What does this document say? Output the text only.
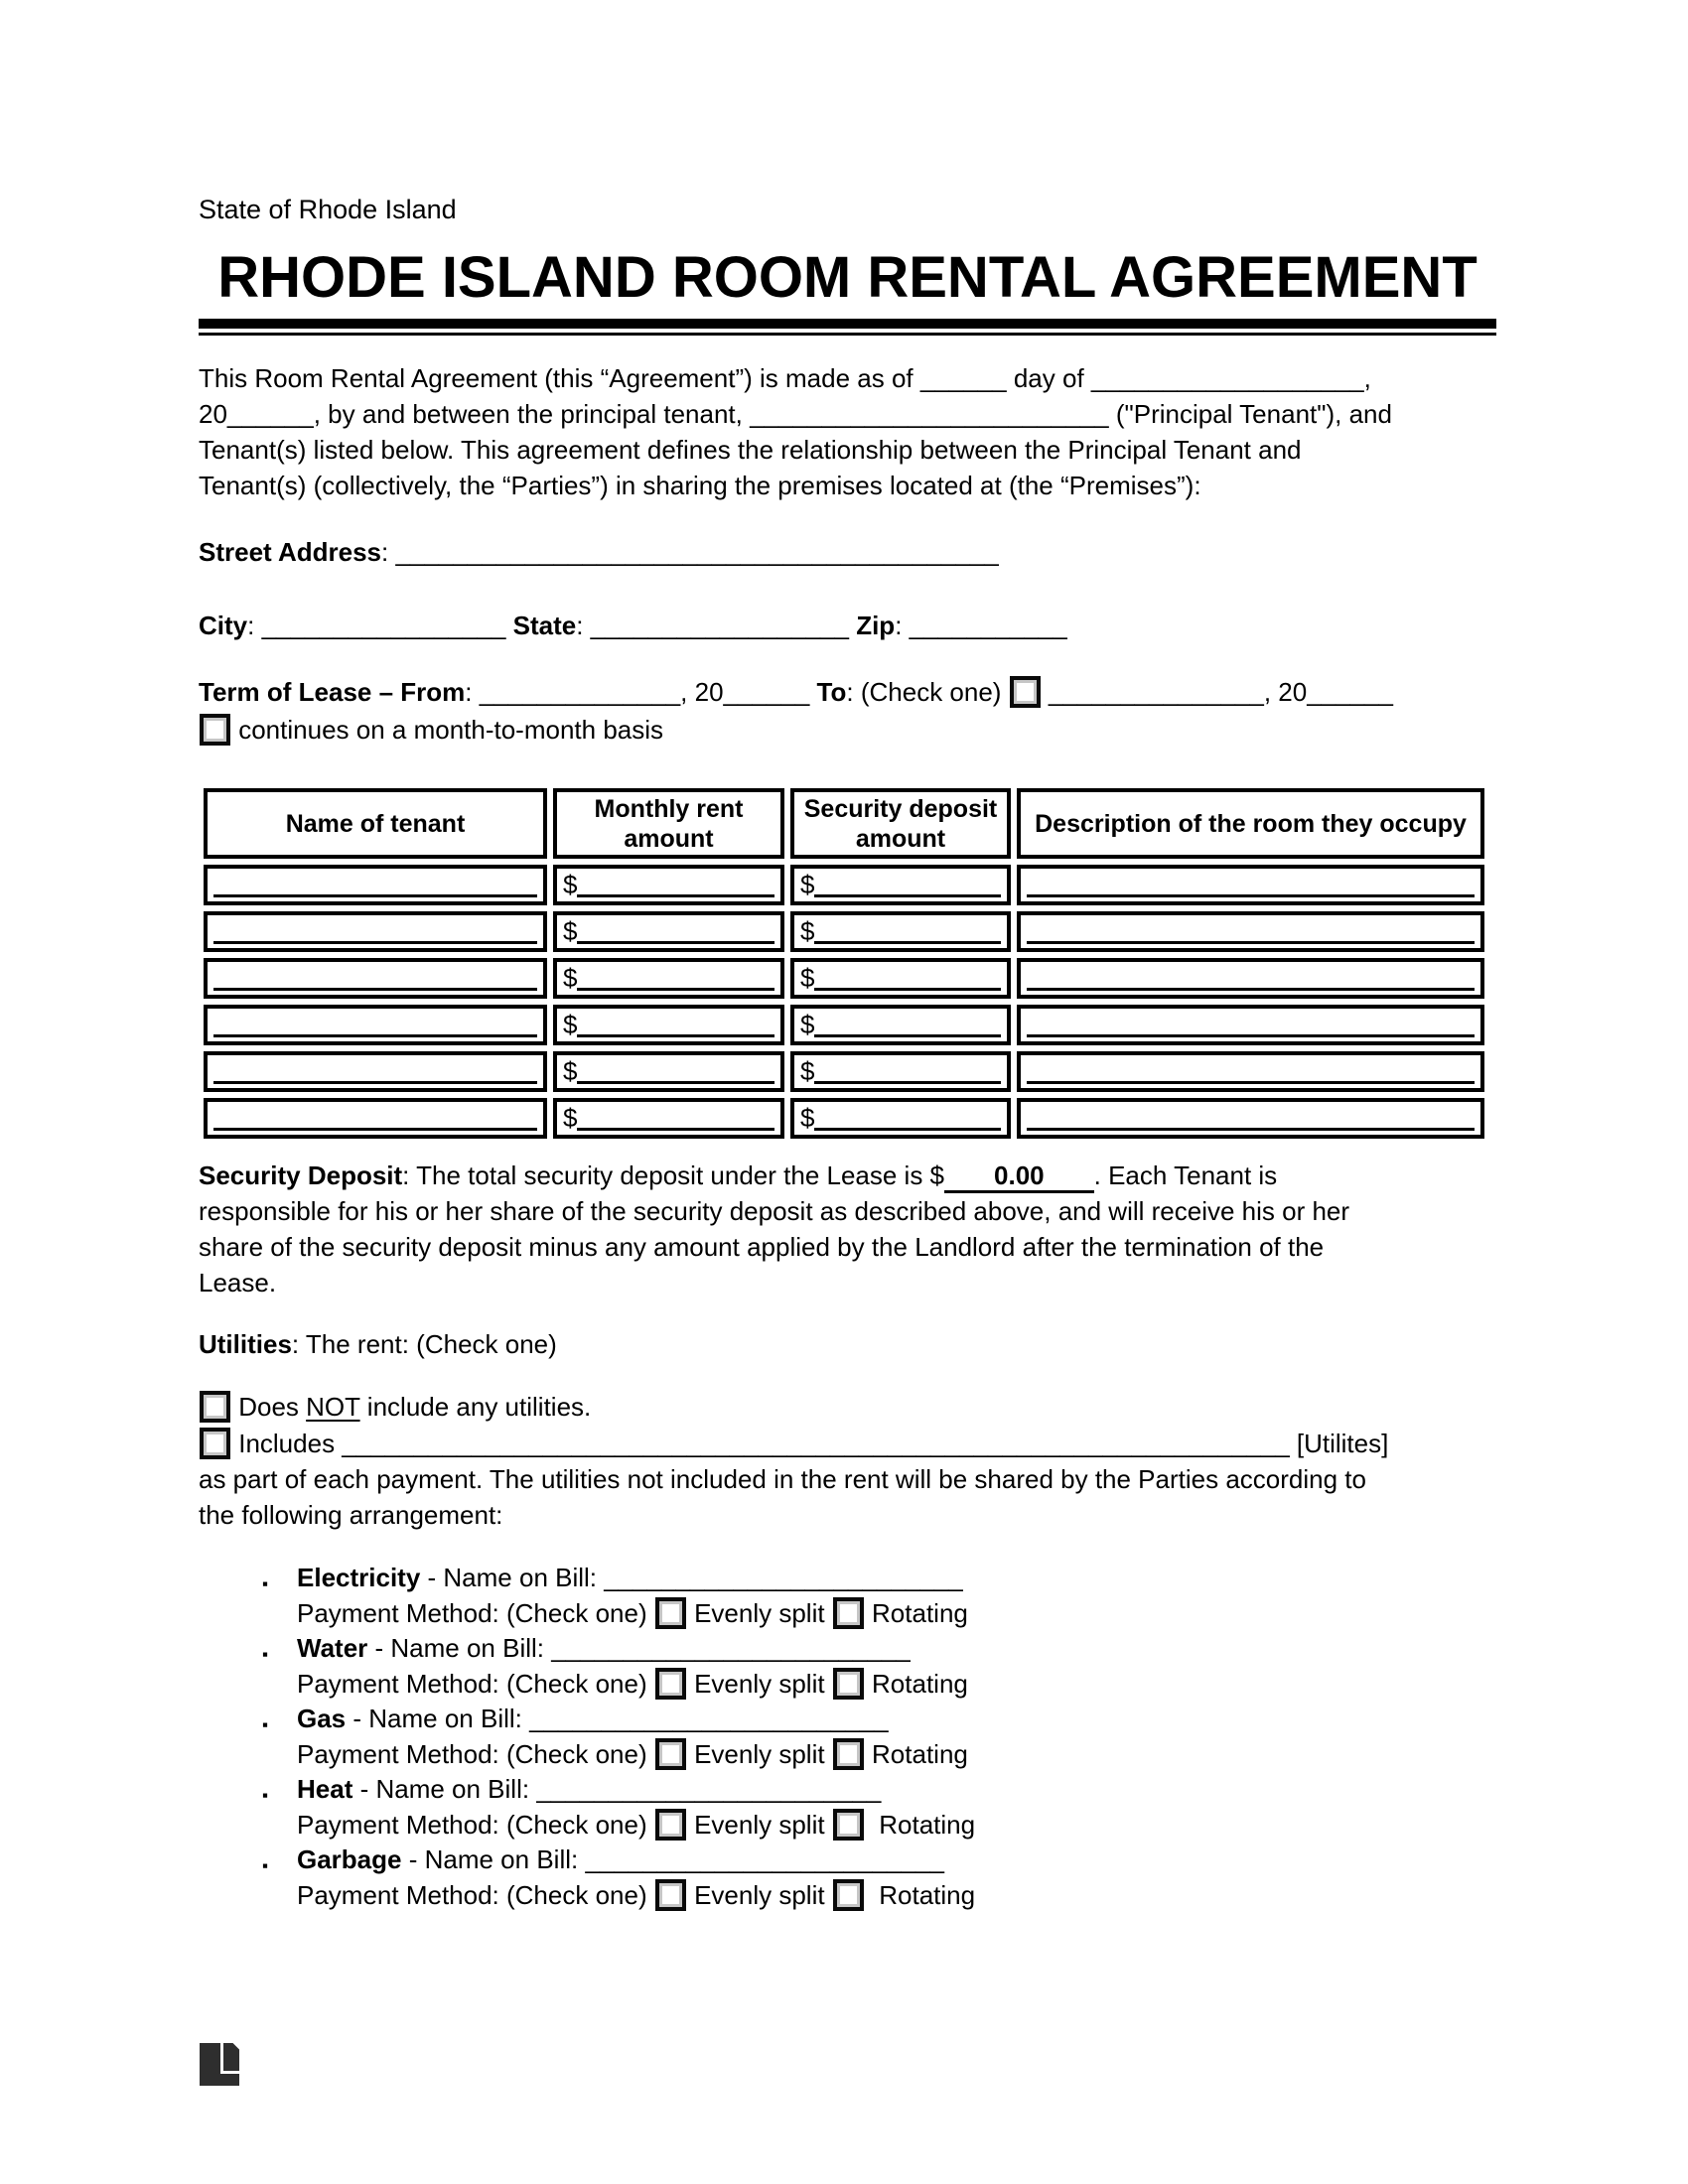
State of Rhode Island
RHODE ISLAND ROOM RENTAL AGREEMENT
This Room Rental Agreement (this “Agreement”) is made as of ______ day of ___________________,
20______, by and between the principal tenant, _________________________ ("Principal Tenant"), and
Tenant(s) listed below. This agreement defines the relationship between the Principal Tenant and
Tenant(s) (collectively, the “Parties”) in sharing the premises located at (the “Premises”):
Street Address: __________________________________________
City: _________________ State: __________________ Zip: ___________
Term of Lease – From: ______________, 20______ To: (Check one)  _______________, 20______
continues on a month-to-month basis
Name of tenant	Monthly rent amount	Security deposit amount	Description of the room they occupy

	$	$	

	$	$	

	$	$	

	$	$	

	$	$	

	$	$	

Security Deposit: The total security deposit under the Lease is $ 0.00 . Each Tenant is
responsible for his or her share of the security deposit as described above, and will receive his or her
share of the security deposit minus any amount applied by the Landlord after the termination of the
Lease.
Utilities: The rent: (Check one)
Does NOT include any utilities.
Includes __________________________________________________________________ [Utilites]
as part of each payment. The utilities not included in the rent will be shared by the Parties according to
the following arrangement:
▪ Electricity - Name on Bill: _________________________
Payment Method: (Check one)  Evenly split  Rotating
▪ Water - Name on Bill: _________________________
Payment Method: (Check one)  Evenly split  Rotating
▪ Gas - Name on Bill: _________________________
Payment Method: (Check one)  Evenly split  Rotating
▪ Heat - Name on Bill: ________________________
Payment Method: (Check one)  Evenly split   Rotating
▪ Garbage - Name on Bill: _________________________
Payment Method: (Check one)  Evenly split   Rotating
